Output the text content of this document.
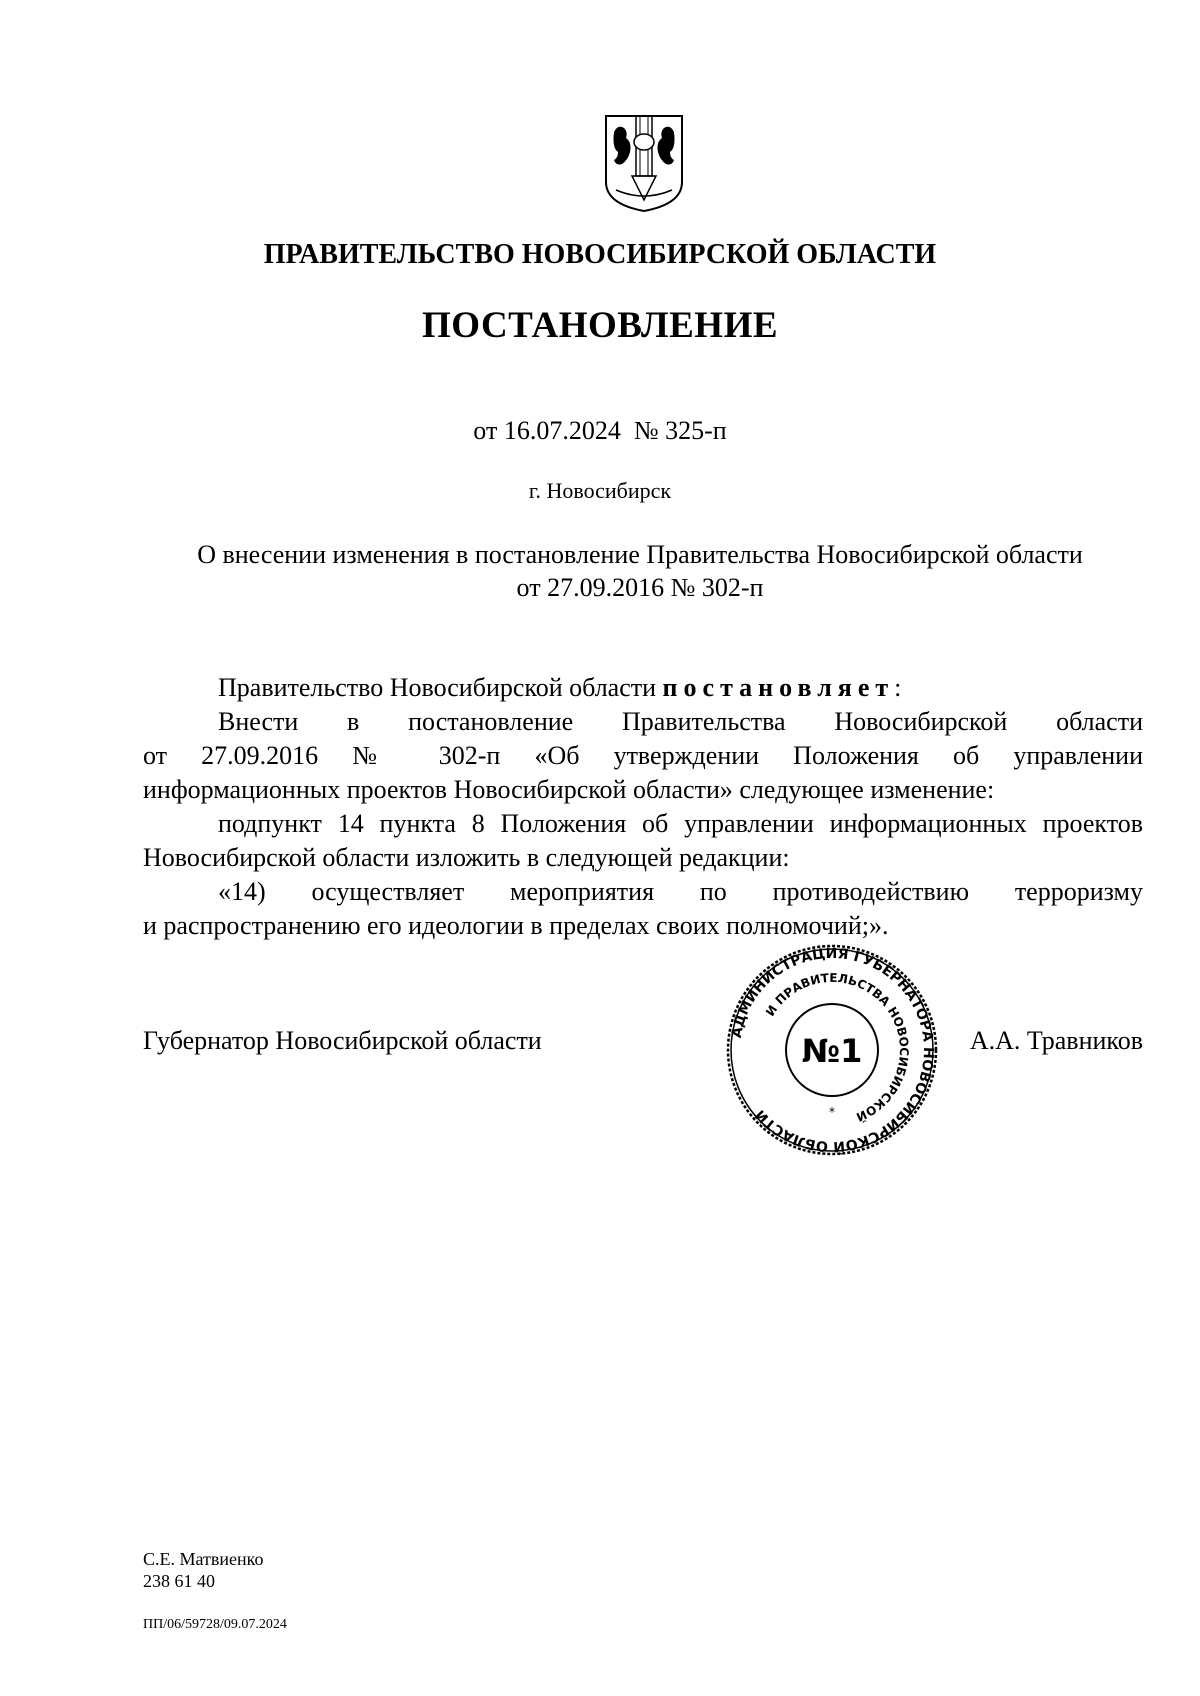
ПРАВИТЕЛЬСТВО НОВОСИБИРСКОЙ ОБЛАСТИ
ПОСТАНОВЛЕНИЕ
от 16.07.2024  № 325-п
г. Новосибирск
О внесении изменения в постановление Правительства Новосибирской области
от 27.09.2016 № 302-п

Правительство Новосибирской области постановляет:

Внести в постановление Правительства Новосибирской области
от 27.09.2016 № 302-п «Об утверждении Положения об управлении
информационных проектов Новосибирской области» следующее изменение:

подпункт 14 пункта 8 Положения об управлении информационных проектов
Новосибирской области изложить в следующей редакции:

«14) осуществляет мероприятия по противодействию терроризму
и распространению его идеологии в пределах своих полномочий;».

Губернатор Новосибирской области	АДМИНИСТРАЦИЯ ГУБЕРНАТОРА НОВОСИБИРСКОЙ ОБЛАСТИ
И ПРАВИТЕЛЬСТВА НОВОСИБИРСКОЙ
№1
*
А.А. Травников
С.Е. Матвиенко
238 61 40
ПП/06/59728/09.07.2024
